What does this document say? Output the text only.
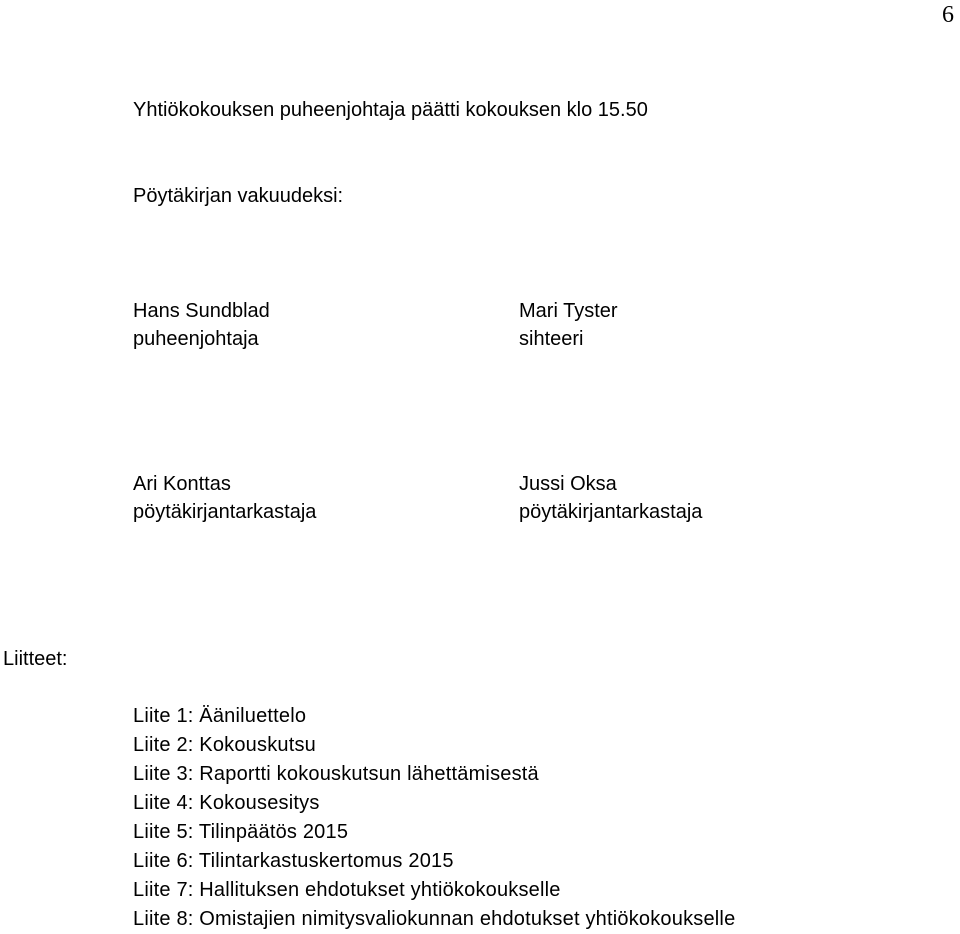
6
Yhtiökokouksen puheenjohtaja päätti kokouksen klo 15.50
Pöytäkirjan vakuudeksi:
Hans Sundblad
puheenjohtaja
Mari Tyster
sihteeri
Ari Konttas
pöytäkirjantarkastaja
Jussi Oksa
pöytäkirjantarkastaja
Liitteet:
Liite 1: Ääniluettelo
Liite 2: Kokouskutsu
Liite 3: Raportti kokouskutsun lähettämisestä
Liite 4: Kokousesitys
Liite 5: Tilinpäätös 2015
Liite 6: Tilintarkastuskertomus 2015
Liite 7: Hallituksen ehdotukset yhtiökokoukselle
Liite 8: Omistajien nimitysvaliokunnan ehdotukset yhtiökokoukselle
